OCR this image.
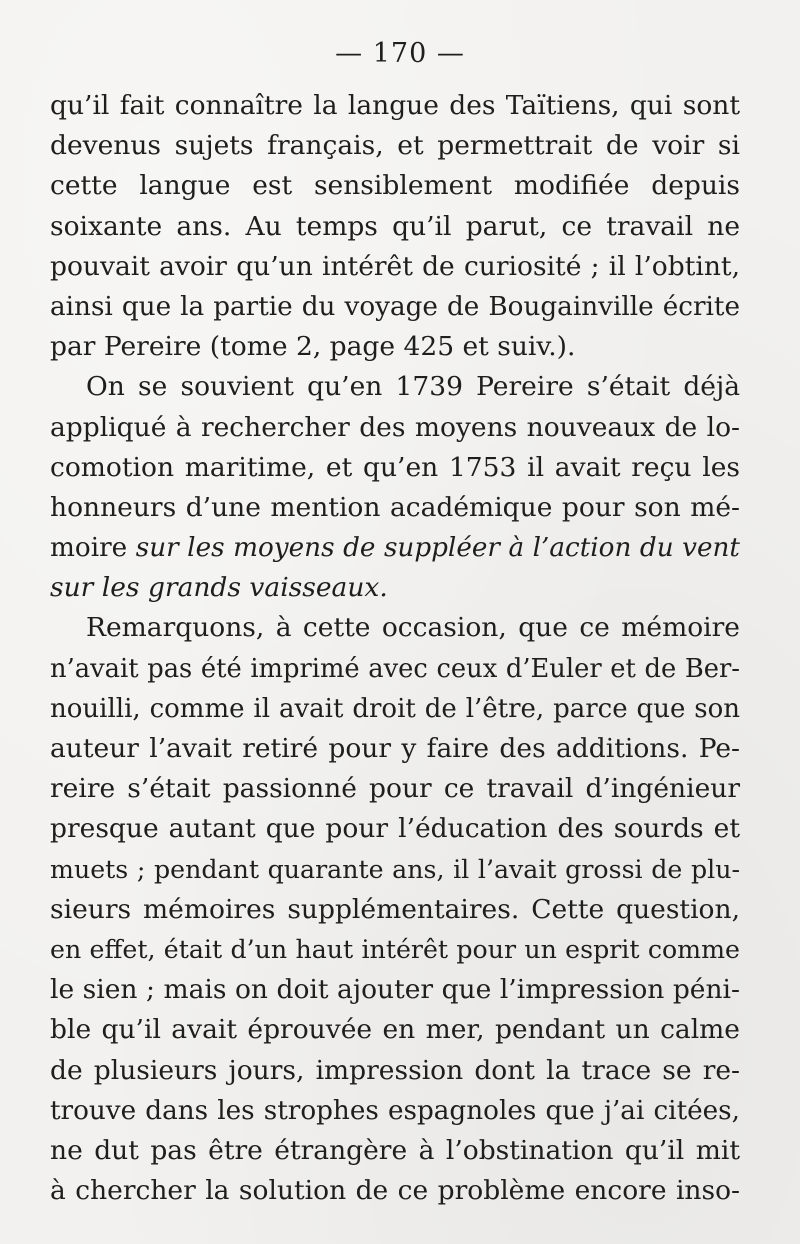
— 170 —
qu’il fait connaître la langue des Taïtiens, qui sont
devenus sujets français, et permettrait de voir si
cette langue est sensiblement modifiée depuis
soixante ans. Au temps qu’il parut, ce travail ne
pouvait avoir qu’un intérêt de curiosité ; il l’obtint,
ainsi que la partie du voyage de Bougainville écrite
par Pereire (tome 2, page 425 et suiv.).
On se souvient qu’en 1739 Pereire s’était déjà
appliqué à rechercher des moyens nouveaux de lo-
comotion maritime, et qu’en 1753 il avait reçu les
honneurs d’une mention académique pour son mé-
moire sur les moyens de suppléer à l’action du vent
sur les grands vaisseaux.
Remarquons, à cette occasion, que ce mémoire
n’avait pas été imprimé avec ceux d’Euler et de Ber-
nouilli, comme il avait droit de l’être, parce que son
auteur l’avait retiré pour y faire des additions. Pe-
reire s’était passionné pour ce travail d’ingénieur
presque autant que pour l’éducation des sourds et
muets ; pendant quarante ans, il l’avait grossi de plu-
sieurs mémoires supplémentaires. Cette question,
en effet, était d’un haut intérêt pour un esprit comme
le sien ; mais on doit ajouter que l’impression péni-
ble qu’il avait éprouvée en mer, pendant un calme
de plusieurs jours, impression dont la trace se re-
trouve dans les strophes espagnoles que j’ai citées,
ne dut pas être étrangère à l’obstination qu’il mit
à chercher la solution de ce problème encore inso-
